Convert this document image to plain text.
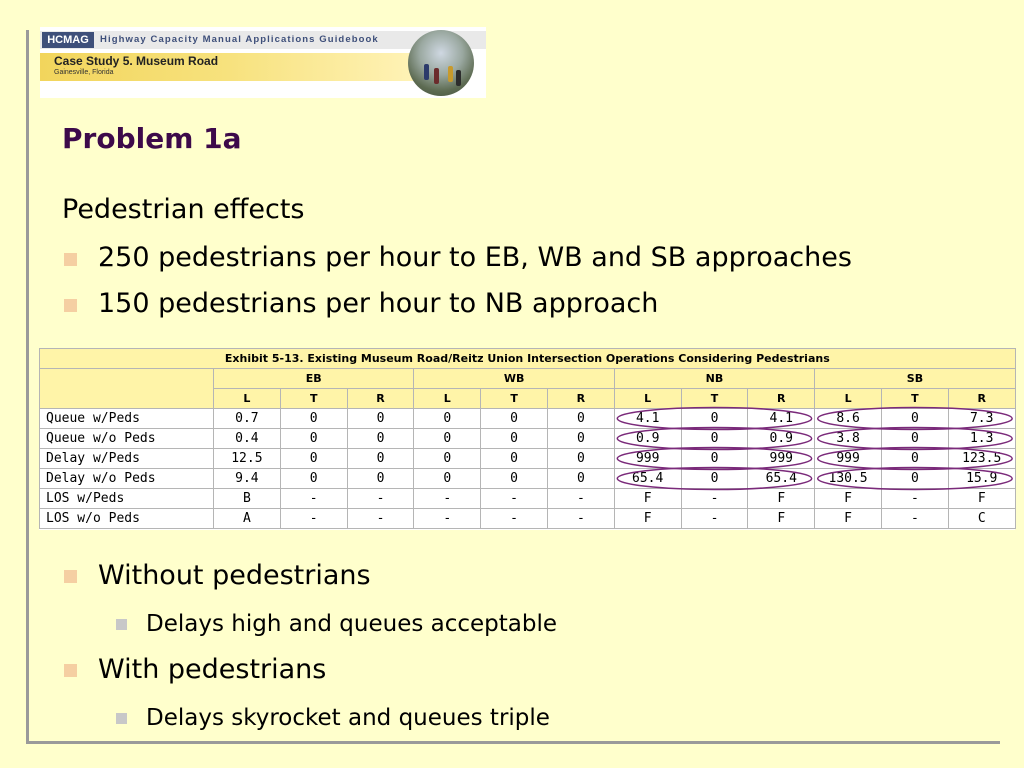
HCMAG	Highway Capacity Manual Applications Guidebook
Case Study 5. Museum Road
Gainesville, Florida
Problem 1a
Pedestrian effects
250 pedestrians per hour to EB, WB and SB approaches
150 pedestrians per hour to NB approach
Exhibit 5-13. Existing Museum Road/Reitz Union Intersection Operations Considering Pedestrians												
	EB			WB			NB			SB		
	L	T	R	L	T	R	L	T	R	L	T	R
Queue w/Peds	0.7	0	0	0	0	0	4.1	0	4.1	8.6	0	7.3
Queue w/o Peds	0.4	0	0	0	0	0	0.9	0	0.9	3.8	0	1.3
Delay w/Peds	12.5	0	0	0	0	0	999	0	999	999	0	123.5
Delay w/o Peds	9.4	0	0	0	0	0	65.4	0	65.4	130.5	0	15.9
LOS w/Peds	B	-	-	-	-	-	F	-	F	F	-	F
LOS w/o Peds	A	-	-	-	-	-	F	-	F	F	-	C
Without pedestrians
Delays high and queues acceptable
With pedestrians
Delays skyrocket and queues triple
